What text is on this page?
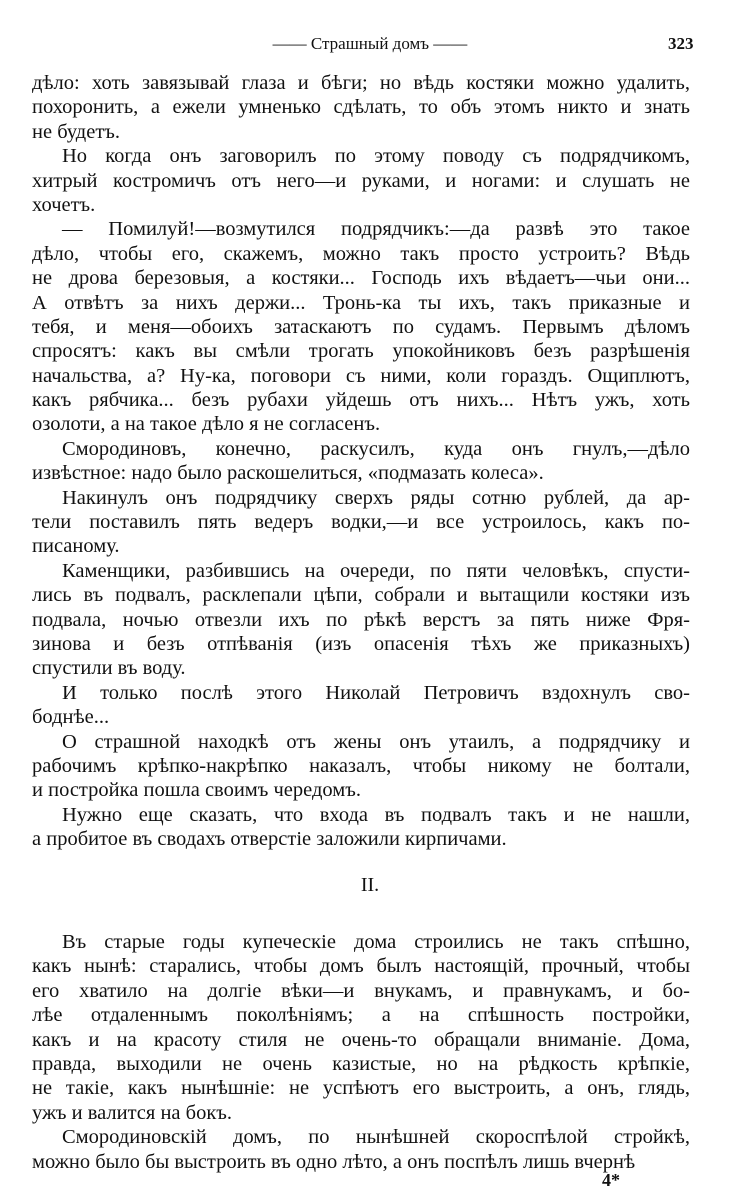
—— Страшный домъ ——	323
дѣло: хоть завязывай глаза и бѣги; но вѣдь костяки можно удалить,
похоронить, а ежели умненько сдѣлать, то объ этомъ никто и знать
не будетъ.
Но когда онъ заговорилъ по этому поводу съ подрядчикомъ,
хитрый костромичъ отъ него—и руками, и ногами: и слушать не
хочетъ.
— Помилуй!—возмутился подрядчикъ:—да развѣ это такое
дѣло, чтобы его, скажемъ, можно такъ просто устроить? Вѣдь
не дрова березовыя, а костяки... Господь ихъ вѣдаетъ—чьи они...
А отвѣтъ за нихъ держи... Тронь-ка ты ихъ, такъ приказные и
тебя, и меня—обоихъ затаскаютъ по судамъ. Первымъ дѣломъ
спросятъ: какъ вы смѣли трогать упокойниковъ безъ разрѣшенія
начальства, а? Ну-ка, поговори съ ними, коли гораздъ. Ощиплютъ,
какъ рябчика... безъ рубахи уйдешь отъ нихъ... Нѣтъ ужъ, хоть
озолоти, а на такое дѣло я не согласенъ.
Смородиновъ, конечно, раскусилъ, куда онъ гнулъ,—дѣло
извѣстное: надо было раскошелиться, «подмазать колеса».
Накинулъ онъ подрядчику сверхъ ряды сотню рублей, да ар-
тели поставилъ пять ведеръ водки,—и все устроилось, какъ по-
писаному.
Каменщики, разбившись на очереди, по пяти человѣкъ, спусти-
лись въ подвалъ, расклепали цѣпи, собрали и вытащили костяки изъ
подвала, ночью отвезли ихъ по рѣкѣ верстъ за пять ниже Фря-
зинова и безъ отпѣванія (изъ опасенія тѣхъ же приказныхъ)
спустили въ воду.
И только послѣ этого Николай Петровичъ вздохнулъ сво-
боднѣе...
О страшной находкѣ отъ жены онъ утаилъ, а подрядчику и
рабочимъ крѣпко-накрѣпко наказалъ, чтобы никому не болтали,
и постройка пошла своимъ чередомъ.
Нужно еще сказать, что входа въ подвалъ такъ и не нашли,
а пробитое въ сводахъ отверстіе заложили кирпичами.
II.
Въ старые годы купеческіе дома строились не такъ спѣшно,
какъ нынѣ: старались, чтобы домъ былъ настоящій, прочный, чтобы
его хватило на долгіе вѣки—и внукамъ, и правнукамъ, и бо-
лѣе отдаленнымъ поколѣніямъ; а на спѣшность постройки,
какъ и на красоту стиля не очень-то обращали вниманіе. Дома,
правда, выходили не очень казистые, но на рѣдкость крѣпкіе,
не такіе, какъ нынѣшніе: не успѣютъ его выстроить, а онъ, глядь,
ужъ и валится на бокъ.
Смородиновскій домъ, по нынѣшней скороспѣлой стройкѣ,
можно было бы выстроить въ одно лѣто, а онъ поспѣлъ лишь вчернѣ
4*
